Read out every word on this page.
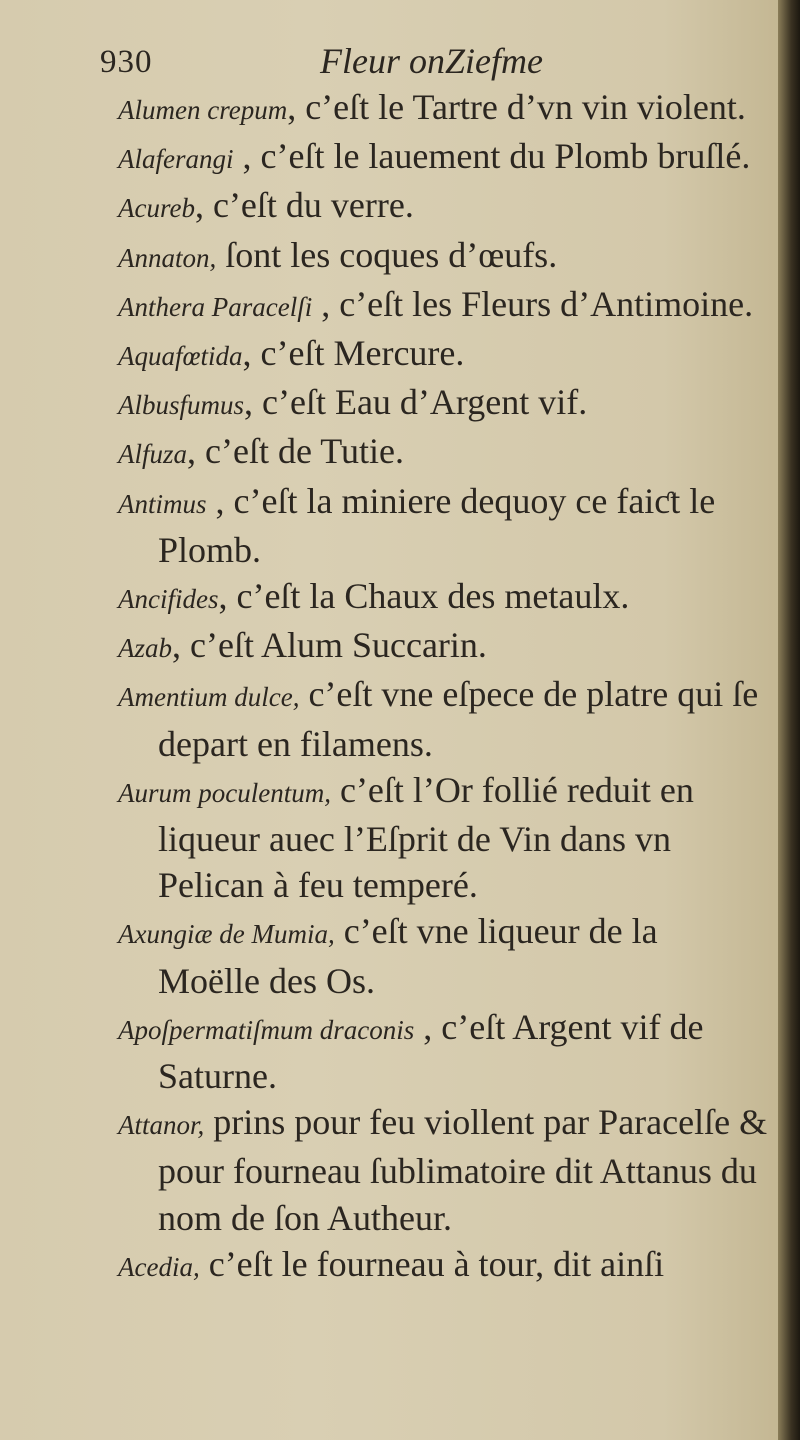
930	Fleur onZiefme

Alumen crepum, c’eſt le Tartre d’vn vin violent.

Alaferangi , c’eſt le lauement du Plomb bruſlé.

Acureb, c’eſt du verre.

Annaton, ſont les coques d’œufs.

Anthera Paracelſi , c’eſt les Fleurs d’Antimoine.

Aquafœtida, c’eſt Mercure.

Albusfumus, c’eſt Eau d’Argent vif.

Alfuza, c’eſt de Tutie.

Antimus , c’eſt la miniere dequoy ce faiƈt le Plomb.

Ancifides, c’eſt la Chaux des metaulx.

Azab, c’eſt Alum Succarin.

Amentium dulce, c’eſt vne eſpece de platre qui ſe depart en filamens.

Aurum poculentum, c’eſt l’Or follié reduit en liqueur auec l’Eſprit de Vin dans vn Pelican à feu temperé.

Axungiæ de Mumia, c’eſt vne liqueur de la Moëlle des Os.

Apoſpermatiſmum draconis , c’eſt Argent vif de Saturne.

Attanor, prins pour feu viollent par Paracelſe & pour fourneau ſublimatoire dit Attanus du nom de ſon Autheur.

Acedia, c’eſt le fourneau à tour, dit ainſi
